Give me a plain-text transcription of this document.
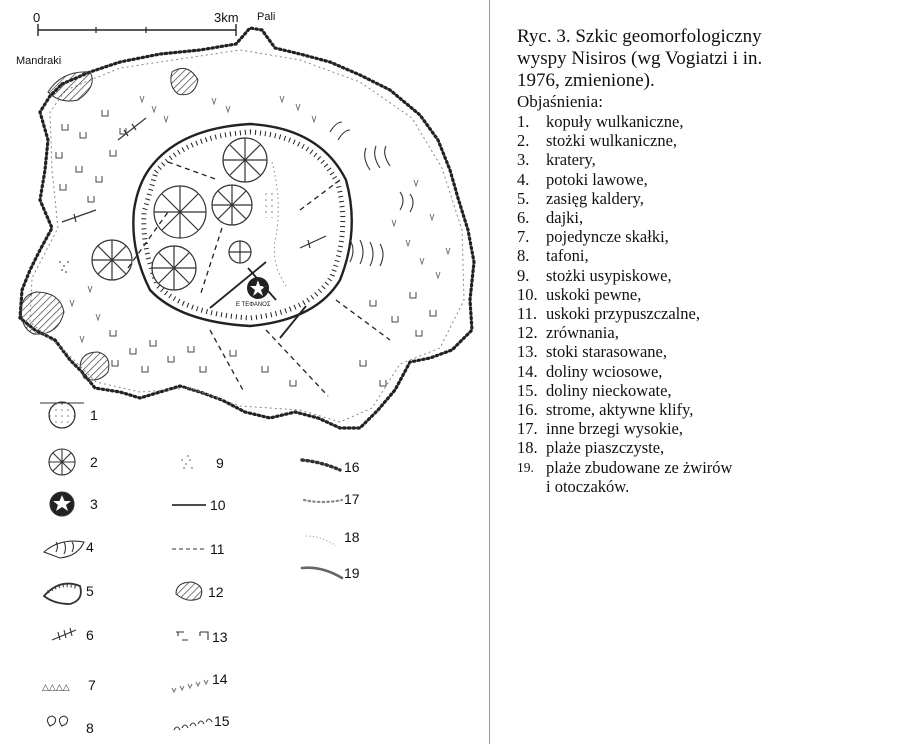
0	3km Pali
Mandraki
Ε ΤΕΦΑΝΟΣ
△△△△
1
2
3
4
5
6
7
8
9
10
11
12
13
14
15
16
17
18
19
Ryc. 3. Szkic geomorfologiczny
wyspy Nisiros (wg Vogiatzi i in.
1976, zmienione).
Objaśnienia:
1.	kopuły wulkaniczne,
2.	stożki wulkaniczne,
3.	kratery,
4.	potoki lawowe,
5.	zasięg kaldery,
6.	dajki,
7.	pojedyncze skałki,
8.	tafoni,
9.	stożki usypiskowe,
10. uskoki pewne,
11. uskoki przypuszczalne,
12. zrównania,
13. stoki starasowane,
14. doliny wciosowe,
15. doliny nieckowate,
16. strome, aktywne klify,
17. inne brzegi wysokie,
18. plaże piaszczyste,
19. plaże zbudowane ze żwirów
i otoczaków.
